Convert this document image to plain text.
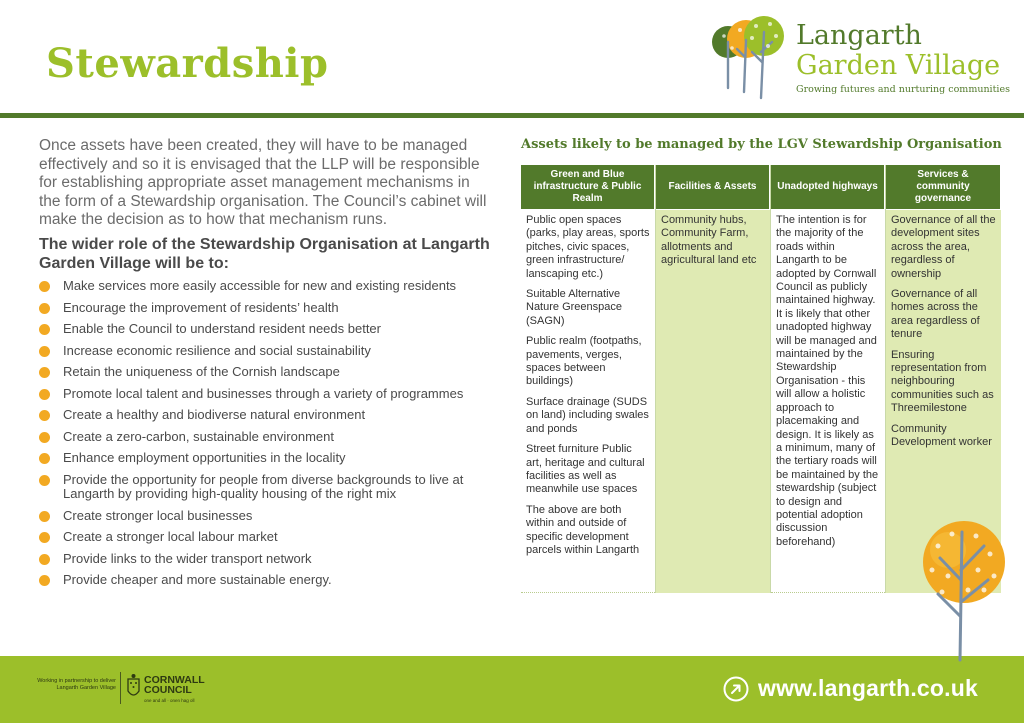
Stewardship
Langarth
Garden Village
Growing futures and nurturing communities
Once assets have been created, they will have to be managed effectively and so it is envisaged that the LLP will be responsible for establishing appropriate asset management mechanisms in the form of a Stewardship organisation. The Council’s cabinet will make the decision as to how that mechanism runs.
The wider role of the Stewardship Organisation at Langarth Garden Village will be to:
Make services more easily accessible for new and existing residents
Encourage the improvement of residents’ health
Enable the Council to understand resident needs better
Increase economic resilience and social sustainability
Retain the uniqueness of the Cornish landscape
Promote local talent and businesses through a variety of programmes
Create a healthy and biodiverse natural environment
Create a zero-carbon, sustainable environment
Enhance employment opportunities in the locality
Provide the opportunity for people from diverse backgrounds to live at Langarth by providing high-quality housing of the right mix
Create stronger local businesses
Create a stronger local labour market
Provide links to the wider transport network
Provide cheaper and more sustainable energy.
Assets likely to be managed by the LGV Stewardship Organisation
Green and Blue infrastructure & Public Realm

Public open spaces (parks, play areas, sports pitches, civic spaces, green infrastructure/ lanscaping etc.)

Suitable Alternative Nature Greenspace (SAGN)

Public realm (footpaths, pavements, verges, spaces between buildings)

Surface drainage (SUDS on land) including swales and ponds

Street furniture Public art, heritage and cultural facilities as well as meanwhile use spaces

The above are both within and outside of specific development parcels within Langarth

Facilities & Assets

Community hubs, Community Farm, allotments and agricultural land etc

Unadopted highways

The intention is for the majority of the roads within Langarth to be adopted by Cornwall Council as publicly maintained highway. It is likely that other unadopted highway will be managed and maintained by the Stewardship Organisation - this will allow a holistic approach to placemaking and design. It is likely as a minimum, many of the tertiary roads will be maintained by the stewardship (subject to design and potential adoption discussion beforehand)

Services & community governance

Governance of all the development sites across the area, regardless of ownership

Governance of all homes across the area regardless of tenure

Ensuring representation from neighbouring communities such as Threemilestone

Community Development worker

Working in partnership to deliver Langarth Garden Village
CORNWALL
COUNCIL
one and all · onen hag oll	www.langarth.co.uk
